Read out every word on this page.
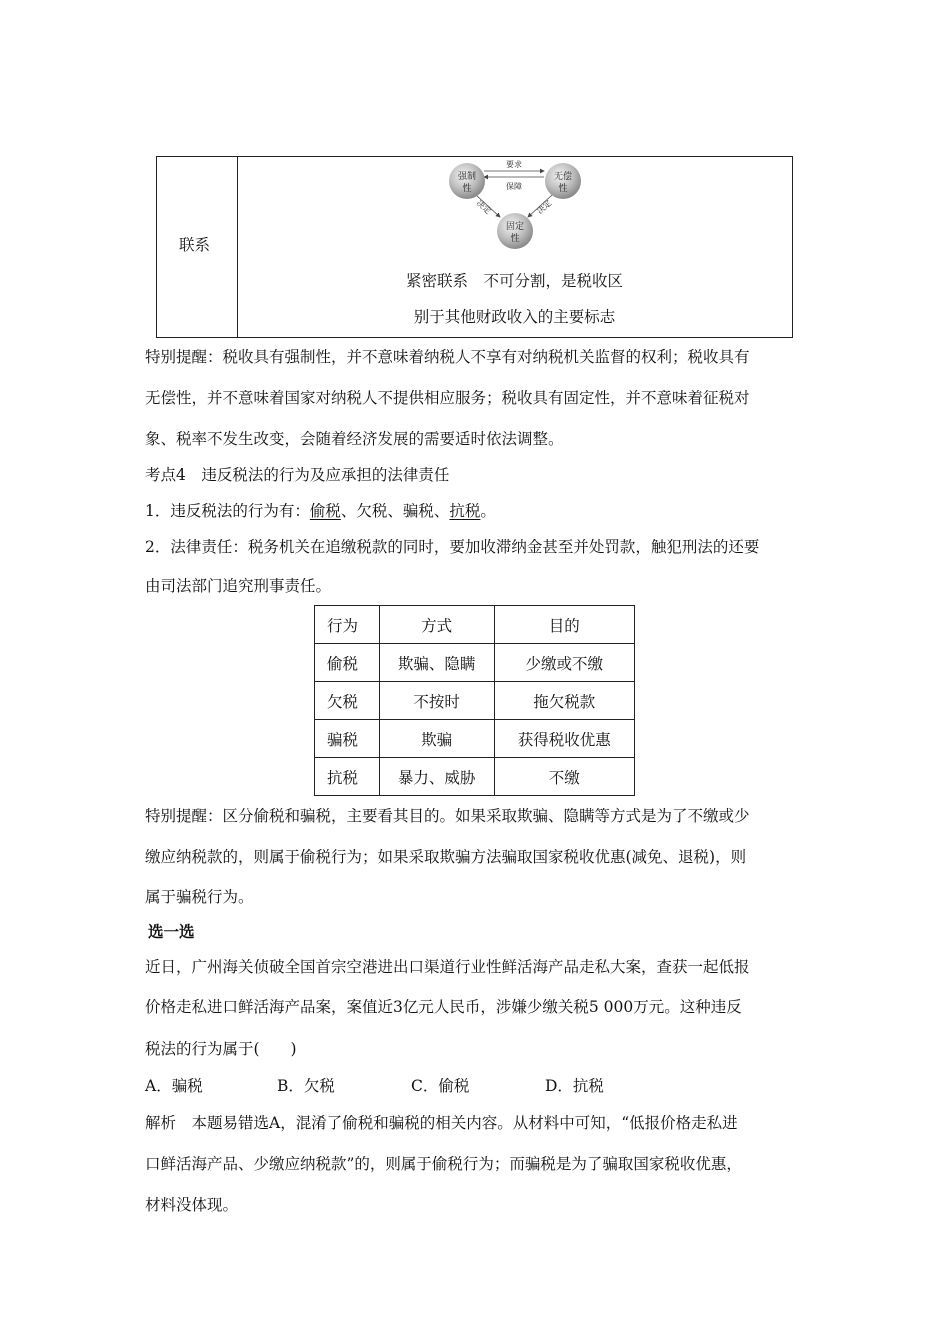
联系
强制
性
无偿
性
固定
性
要求
保障
决定	决定
紧密联系　不可分割，是税收区
别于其他财政收入的主要标志
特别提醒：税收具有强制性，并不意味着纳税人不享有对纳税机关监督的权利；税收具有
无偿性，并不意味着国家对纳税人不提供相应服务；税收具有固定性，并不意味着征税对
象、税率不发生改变，会随着经济发展的需要适时依法调整。
考点4　违反税法的行为及应承担的法律责任
1．违反税法的行为有：偷税、欠税、骗税、抗税。
2．法律责任：税务机关在追缴税款的同时，要加收滞纳金甚至并处罚款，触犯刑法的还要
由司法部门追究刑事责任。
行为	方式	目的
偷税	欺骗、隐瞒	少缴或不缴
欠税	不按时	拖欠税款
骗税	欺骗	获得税收优惠
抗税	暴力、威胁	不缴
特别提醒：区分偷税和骗税，主要看其目的。如果采取欺骗、隐瞒等方式是为了不缴或少
缴应纳税款的，则属于偷税行为；如果采取欺骗方法骗取国家税收优惠(减免、退税)，则
属于骗税行为。
选一选
近日，广州海关侦破全国首宗空港进出口渠道行业性鲜活海产品走私大案，查获一起低报
价格走私进口鲜活海产品案，案值近3亿元人民币，涉嫌少缴关税5 000万元。这种违反
税法的行为属于(　　)
A．骗税	B．欠税	C．偷税	D．抗税
解析　本题易错选A，混淆了偷税和骗税的相关内容。从材料中可知，“低报价格走私进
口鲜活海产品、少缴应纳税款”的，则属于偷税行为；而骗税是为了骗取国家税收优惠，
材料没体现。
